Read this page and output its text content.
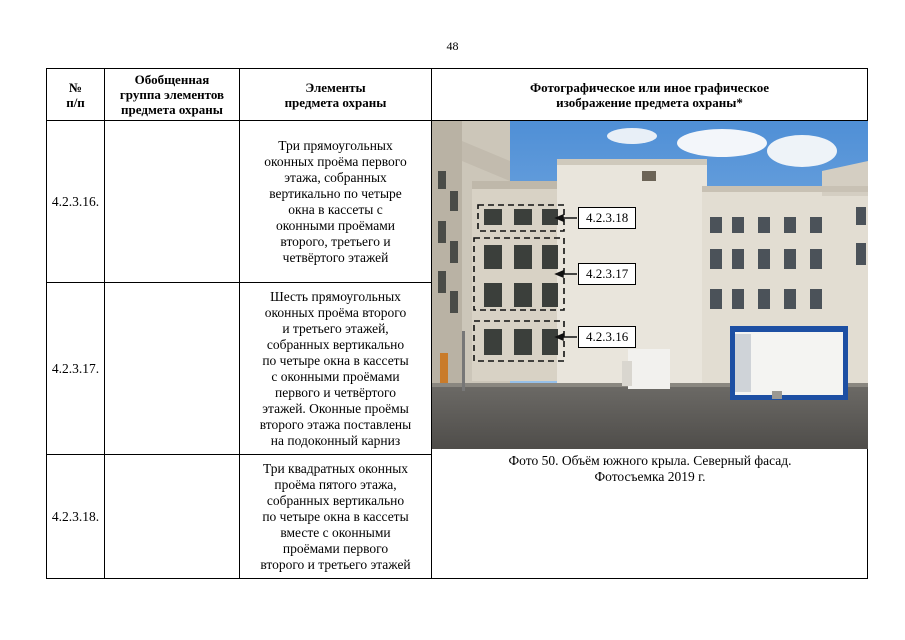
48
№
п/п
Обобщенная
группа элементов
предмета охраны
Элементы
предмета охраны
Фотографическое или иное графическое
изображение предмета охраны*
4.2.3.16.
Три прямоугольных
оконных проёма первого
этажа, собранных
вертикально по четыре
окна в кассеты с
оконными проёмами
второго, третьего и
четвёртого этажей
4.2.3.17.
Шесть прямоугольных
оконных проёма второго
и третьего этажей,
собранных вертикально
по четыре окна в кассеты
с оконными проёмами
первого и четвёртого
этажей. Оконные проёмы
второго этажа поставлены
на подоконный карниз
4.2.3.18.
Три квадратных оконных
проёма пятого этажа,
собранных вертикально
по четыре окна в кассеты
вместе с оконными
проёмами первого
второго и третьего этажей
4.2.3.18
4.2.3.17
4.2.3.16
Фото 50. Объём южного крыла. Северный фасад.
Фотосъемка 2019 г.
